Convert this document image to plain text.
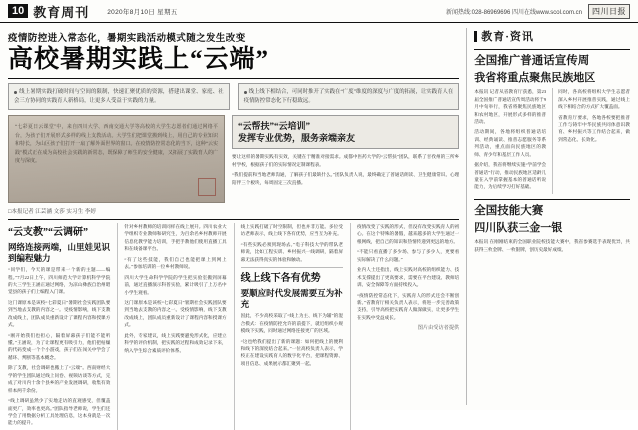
10 教育周刊	2020年8月10日 星期五	新闻热线:028-86969696 四川在线www.scol.com.cn	四川日报
疫情防控进入常态化，暑期实践活动模式随之发生改变
高校暑期实践上“云端”
线上暑期实践打破时间与空间的限制，快速汇聚优质的资源，搭建出课堂、家庭、社会三方协同的实践育人新格局，让更多人受益于实践的力量。
线上线下相结合，可同时推开了实践在“广度”维度的深度与广度的拓展，让实践育人在疫情防控常态化下行稳致远。
“七彩夏日云课堂”中，来自四川大学、西南交通大学等高校的大学生志愿者们通过网络平台，为孩子们开展形式多样的线上支教活动。大学生们把课堂搬到线上，用自己的专业知识和特长，为山区孩子们打开一扇了解外面世界的窗口。在疫情防控常态化的当下，这种“云实践”模式正在成为高校社会实践的新常态，既保障了师生的安全健康，又拓展了实践育人的广度与深度。
“云帮扶”“云培训”
发挥专业优势，服务亲端亲友
要让这样的暑期实践有实效，关键在于精准对接需求。成都中医药大学的“云帮扶”团队，联系了甘孜州的三所乡村学校，根据孩子们的实际情况定制课程表。
“我们提前和当地老师沟通，了解孩子们最缺什么。”团队负责人说，最终确定了普通话朗读、卫生健康常识、心理陪伴三个板块，每周固定三次直播。
□本报记者 江芸涵 文莎 实习生 李婷
“云支教”“云调研”
网络连接两端，山里娃见识到编程魅力
“同学们，今天的课是带来一个新的主题——编程。”7月22日上午，四川师范大学计算机科学学院的大三学生王涵正通过网络，为凉山彝族自治州昭觉县的孩子们上编程入门课。
这门课原本是该校“七彩夏日”暑期社会实践团队要到当地去支教的内容之一。受疫情影响，线下支教改成线上，团队成员重新设计了课程内容和授课方式。
“刚开始我们也担心，隔着屏幕孩子们能不能听懂。”王涵说，为了让课程更有吸引力，他们把枯燥的代码变成一个个小游戏，孩子们在闯关中学会了循环、判断等基本概念。
除了支教，社会调研也搬上了“云端”。西南财经大学的学生团队通过线上问卷、视频访谈等方式，完成了对川内十余个县乡的产业发展调研，收集有效样本两千余份。
“线上调研虽然少了实地走访的直观感受，但覆盖面更广，效率也更高。”团队指导老师说，学生们还学会了用数据分析工具处理信息，这本身就是一次能力的提升。
针对乡村教师的培训同样在线上展开。四川农业大学组织专业教师和研究生，为百余名乡村教师开展信息化教学能力培训，手把手教他们使用直播工具和在线备课平台。
“有了这些技能，我们自己也能把课上到网上去。”参加培训的一位乡村教师说。
四川大学生命科学学院的学生把实验室搬到屏幕前，通过直播演示科普实验，累计吸引了上万名中小学生观看。
这门课原本是该校“七彩夏日”暑期社会实践团队要到当地去支教的内容之一。受疫情影响，线下支教改成线上，团队成员重新设计了课程内容和授课方式。
此外，专家建议，线上实践要避免形式化，应建立科学的评价机制，把实践的过程和成效记录下来，纳入学生综合素质评价体系。
线上实践打破了时空限制，但也并非万能。多位受访老师表示，线上线下各有优势，应当互为补充。
“有些实践必须到现场去。”电子科技大学的带队老师说，比如工程实训、乡村振兴一线调研，隔着屏幕无法获得真实的体验和触动。
线上线下各有优势
要顺应时代发展需要互为补充
因此，不少高校采取了“线上为主、线下为辅”的混合模式：在疫情防控允许的前提下，就近组织小规模线下实践，同时通过网络连接更广的区域。
“这也给我们提出了新的课题：如何把线上的便利和线下的深度结合起来。”一位高校负责人表示，学校正在建设实践育人的数字化平台，把课程资源、项目信息、成果展示都汇聚到一起。
疫情改变了实践的形式，但没有改变实践育人的初心。在这个特殊的暑假，越来越多的大学生通过一根网线，把自己的知识和热情传递到更远的地方。
“不能只看直播了多少场、参与了多少人，更要看实际解决了什么问题。”
业内人士还指出，线上实践对高校的组织能力、技术支撑提出了更高要求，需要在平台建设、教师培训、安全保障等方面持续投入。
“疫情防控常态化下，实践育人的形式还会不断创新。”省教育厅相关负责人表示，将进一步完善政策支持，引导高校把实践育人做深做实，让更多学生在实践中受益成长。
图片由受访者提供
教育·资讯
全国推广普通话宣传周
我省将重点聚焦民族地区
本报讯 记者从省教育厅获悉，第23届全国推广普通话宣传周活动将于9月中旬举行，我省将聚焦民族地区和农村地区，开展形式多样的推普活动。
活动期间，各地将组织普通话培训、经典诵读、推普志愿服务等系列活动，重点面向民族地区的教师、青少年和基层工作人员。
据介绍，我省将继续实施“学前学会普通话”行动，推动民族地区适龄儿童在入学前掌握基本的普通话听说能力，为后续学习打好基础。
同时，各高校将组织大学生志愿者深入乡村开展推普实践，通过线上线下相结合的方式扩大覆盖面。
省教育厅要求，各地各校要把推普工作与铸牢中华民族共同体意识教育、乡村振兴等工作结合起来，做到常态化、长效化。
全国技能大赛
四川队获三金一银
本报讯 在刚刚结束的全国职业院校技能大赛中，我省参赛选手表现优异，共获得三枚金牌、一枚银牌，创历史最好成绩。
